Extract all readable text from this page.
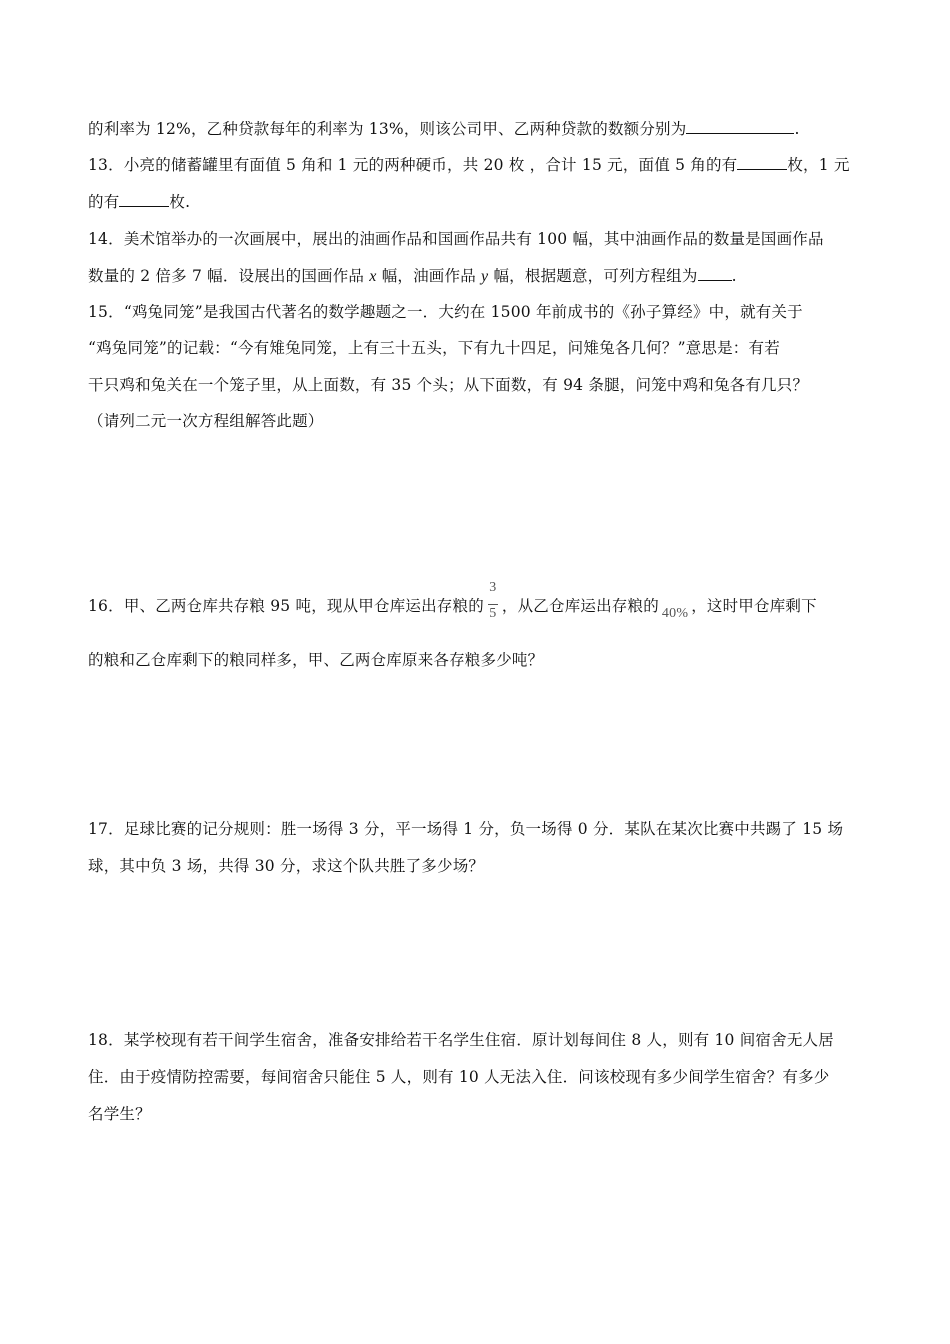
的利率为 12%，乙种贷款每年的利率为 13%，则该公司甲、乙两种贷款的数额分别为	.
13．小亮的储蓄罐里有面值 5 角和 1 元的两种硬币，共 20 枚 ，合计 15 元，面值 5 角的有	枚，1 元
的有	枚.
14．美术馆举办的一次画展中，展出的油画作品和国画作品共有 100 幅，其中油画作品的数量是国画作品
数量的 2 倍多 7 幅．设展出的国画作品 x 幅，油画作品 y 幅，根据题意，可列方程组为 .
15．“鸡兔同笼”是我国古代著名的数学趣题之一．大约在 1500 年前成书的《孙子算经》中，就有关于
“鸡兔同笼”的记载：“今有雉兔同笼，上有三十五头，下有九十四足，问雉兔各几何？”意思是：有若
干只鸡和兔关在一个笼子里，从上面数，有 35 个头；从下面数，有 94 条腿，问笼中鸡和兔各有几只？
（请列二元一次方程组解答此题）
16．甲、乙两仓库共存粮 95 吨，现从甲仓库运出存粮的 $\frac{3}{5}$ ，从乙仓库运出存粮的 40% ，这时甲仓库剩下
的粮和乙仓库剩下的粮同样多，甲、乙两仓库原来各存粮多少吨？
17．足球比赛的记分规则：胜一场得 3 分，平一场得 1 分，负一场得 0 分．某队在某次比赛中共踢了 15 场
球，其中负 3 场，共得 30 分，求这个队共胜了多少场？
18．某学校现有若干间学生宿舍，准备安排给若干名学生住宿．原计划每间住 8 人，则有 10 间宿舍无人居
住．由于疫情防控需要，每间宿舍只能住 5 人，则有 10 人无法入住．问该校现有多少间学生宿舍？有多少
名学生？
